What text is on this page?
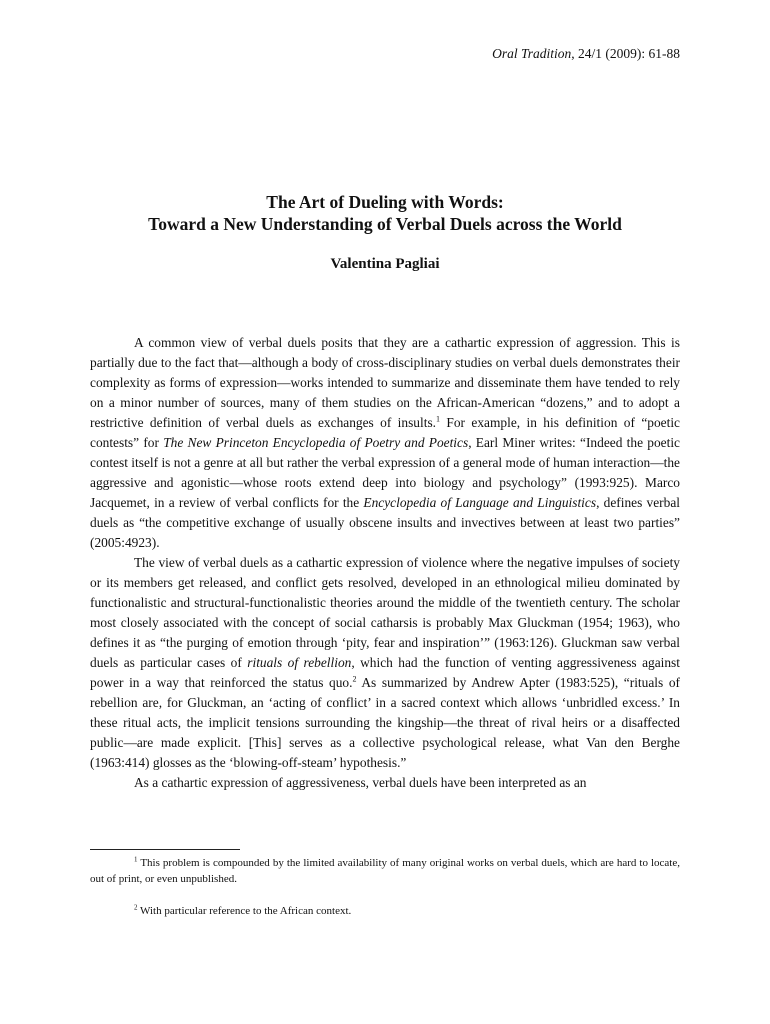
Oral Tradition, 24/1 (2009): 61-88
The Art of Dueling with Words:
Toward a New Understanding of Verbal Duels across the World
Valentina Pagliai

A common view of verbal duels posits that they are a cathartic expression of aggression. This is partially due to the fact that—although a body of cross-disciplinary studies on verbal duels demonstrates their complexity as forms of expression—works intended to summarize and disseminate them have tended to rely on a minor number of sources, many of them studies on the African-American “dozens,” and to adopt a restrictive definition of verbal duels as exchanges of insults.$^1$ For example, in his definition of “poetic contests” for The New Princeton Encyclopedia of Poetry and Poetics, Earl Miner writes: “Indeed the poetic contest itself is not a genre at all but rather the verbal expression of a general mode of human interaction—the aggressive and agonistic—whose roots extend deep into biology and psychology” (1993:925). Marco Jacquemet, in a review of verbal conflicts for the Encyclopedia of Language and Linguistics, defines verbal duels as “the competitive exchange of usually obscene insults and invectives between at least two parties” (2005:4923).

The view of verbal duels as a cathartic expression of violence where the negative impulses of society or its members get released, and conflict gets resolved, developed in an ethnological milieu dominated by functionalistic and structural-functionalistic theories around the middle of the twentieth century. The scholar most closely associated with the concept of social catharsis is probably Max Gluckman (1954; 1963), who defines it as “the purging of emotion through ‘pity, fear and inspiration’” (1963:126). Gluckman saw verbal duels as particular cases of rituals of rebellion, which had the function of venting aggressiveness against power in a way that reinforced the status quo.$^2$ As summarized by Andrew Apter (1983:525), “rituals of rebellion are, for Gluckman, an ‘acting of conflict’ in a sacred context which allows ‘unbridled excess.’ In these ritual acts, the implicit tensions surrounding the kingship—the threat of rival heirs or a disaffected public—are made explicit. [This] serves as a collective psychological release, what Van den Berghe (1963:414) glosses as the ‘blowing-off-steam’ hypothesis.”

As a cathartic expression of aggressiveness, verbal duels have been interpreted as an

$^1$ This problem is compounded by the limited availability of many original works on verbal duels, which are hard to locate, out of print, or even unpublished.

$^2$ With particular reference to the African context.
